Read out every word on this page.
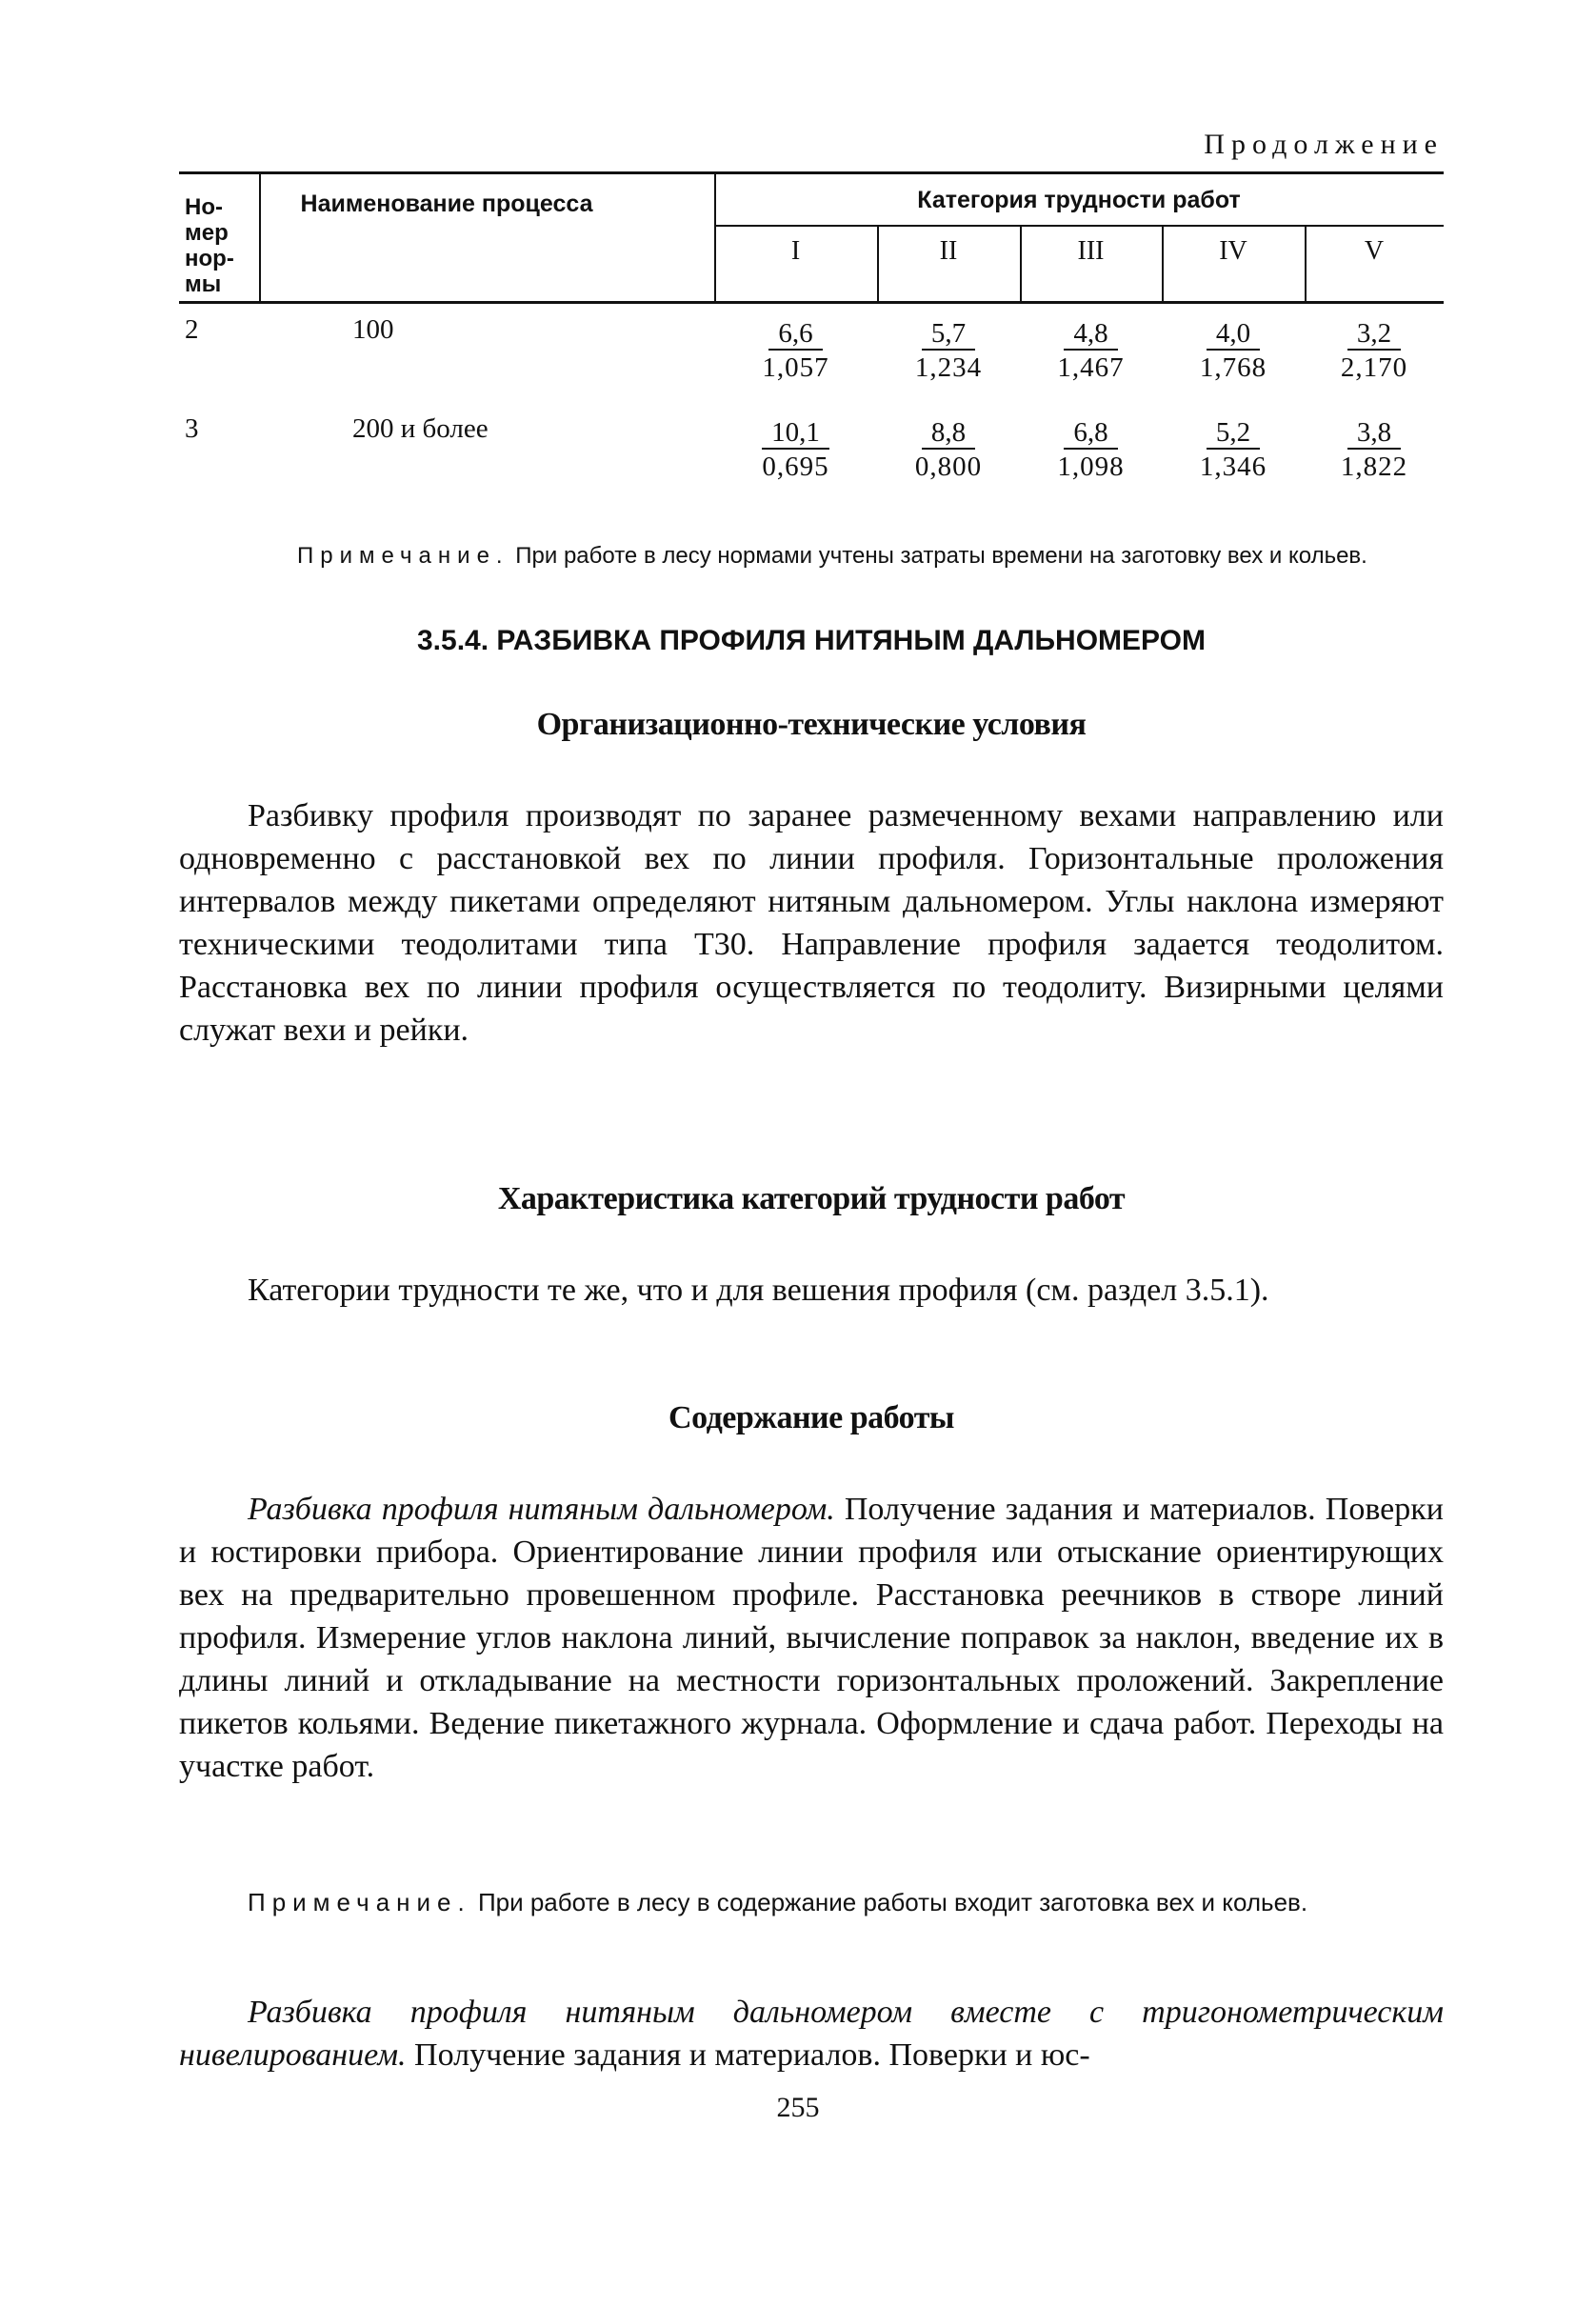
Продолжение
Но-
мер
нор-
мы
Наименование процесса	Категория трудности работ
I	II	III	IV	V
2	100	$\frac{6,6}{1,057} \frac{5,7}{1,234} \frac{4,8}{1,467} \frac{4,0}{1,768} \frac{3,2}{2,170}$
3	200 и более	$\frac{10,1}{0,695} \frac{8,8}{0,800} \frac{6,8}{1,098} \frac{5,2}{1,346} \frac{3,8}{1,822}$
Примечание. При работе в лесу нормами учтены затраты времени на заготовку вех и кольев.
3.5.4. РАЗБИВКА ПРОФИЛЯ НИТЯНЫМ ДАЛЬНОМЕРОМ
Организационно-технические условия

Разбивку профиля производят по заранее размеченному вехами направлению или одновременно с расстановкой вех по линии профиля. Горизонтальные проложения интервалов между пикетами определяют нитяным дальномером. Углы наклона измеряют техническими теодолитами типа Т30. Направление профиля задается теодолитом. Расстановка вех по линии профиля осуществляется по теодолиту. Визирными целями служат вехи и рейки.

Характеристика категорий трудности работ

Категории трудности те же, что и для вешения профиля (см. раздел 3.5.1).

Содержание работы

Разбивка профиля нитяным дальномером. Получение задания и материалов. Поверки и юстировки прибора. Ориентирование линии профиля или отыскание ориентирующих вех на предварительно провешенном профиле. Расстановка реечников в створе линий профиля. Измерение углов наклона линий, вычисление поправок за наклон, введение их в длины линий и откладывание на местности горизонтальных проложений. Закрепление пикетов кольями. Ведение пикетажного журнала. Оформление и сдача работ. Переходы на участке работ.

Примечание. При работе в лесу в содержание работы входит заготовка вех и кольев.

Разбивка профиля нитяным дальномером вместе с тригонометрическим нивелированием. Получение задания и материалов. Поверки и юс-

255
